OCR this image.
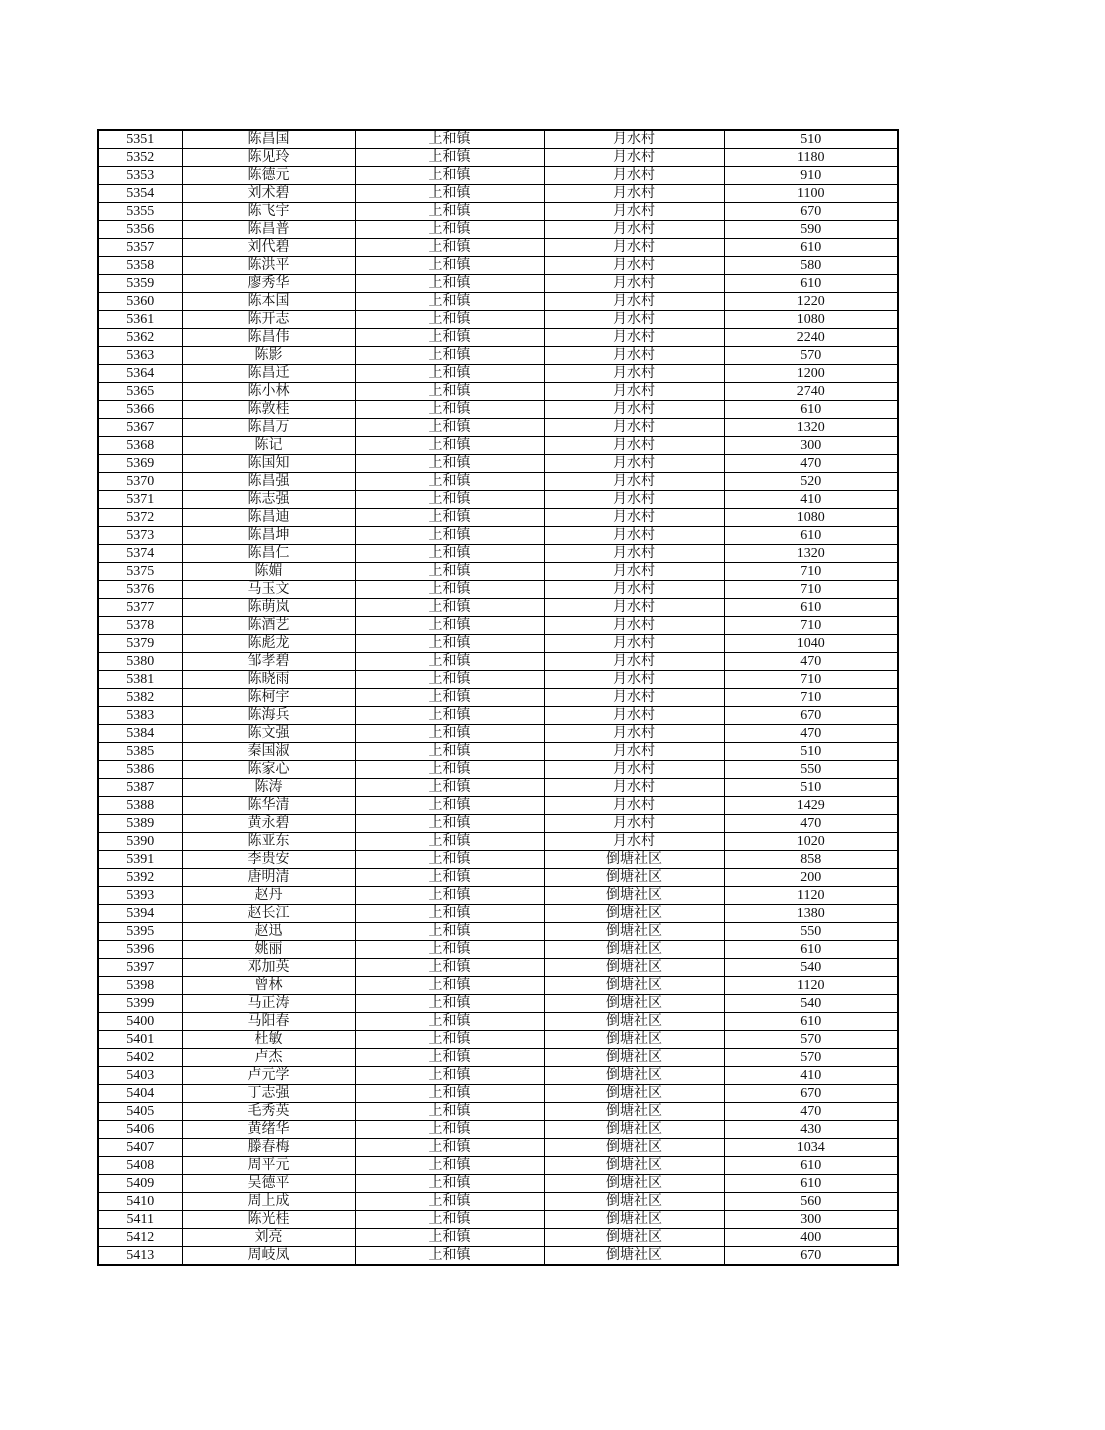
5351	陈昌国	上和镇	月水村	510
5352	陈见玲	上和镇	月水村	1180
5353	陈德元	上和镇	月水村	910
5354	刘术碧	上和镇	月水村	1100
5355	陈飞宇	上和镇	月水村	670
5356	陈昌普	上和镇	月水村	590
5357	刘代碧	上和镇	月水村	610
5358	陈洪平	上和镇	月水村	580
5359	廖秀华	上和镇	月水村	610
5360	陈本国	上和镇	月水村	1220
5361	陈开志	上和镇	月水村	1080
5362	陈昌伟	上和镇	月水村	2240
5363	陈影	上和镇	月水村	570
5364	陈昌迁	上和镇	月水村	1200
5365	陈小林	上和镇	月水村	2740
5366	陈敦桂	上和镇	月水村	610
5367	陈昌万	上和镇	月水村	1320
5368	陈记	上和镇	月水村	300
5369	陈国知	上和镇	月水村	470
5370	陈昌强	上和镇	月水村	520
5371	陈志强	上和镇	月水村	410
5372	陈昌迪	上和镇	月水村	1080
5373	陈昌坤	上和镇	月水村	610
5374	陈昌仁	上和镇	月水村	1320
5375	陈媚	上和镇	月水村	710
5376	马玉文	上和镇	月水村	710
5377	陈萌岚	上和镇	月水村	610
5378	陈酒艺	上和镇	月水村	710
5379	陈彪龙	上和镇	月水村	1040
5380	邹孝碧	上和镇	月水村	470
5381	陈晓雨	上和镇	月水村	710
5382	陈柯宇	上和镇	月水村	710
5383	陈海兵	上和镇	月水村	670
5384	陈文强	上和镇	月水村	470
5385	秦国淑	上和镇	月水村	510
5386	陈家心	上和镇	月水村	550
5387	陈涛	上和镇	月水村	510
5388	陈华清	上和镇	月水村	1429
5389	黄永碧	上和镇	月水村	470
5390	陈亚东	上和镇	月水村	1020
5391	李贵安	上和镇	倒塘社区	858
5392	唐明清	上和镇	倒塘社区	200
5393	赵丹	上和镇	倒塘社区	1120
5394	赵长江	上和镇	倒塘社区	1380
5395	赵迅	上和镇	倒塘社区	550
5396	姚丽	上和镇	倒塘社区	610
5397	邓加英	上和镇	倒塘社区	540
5398	曾林	上和镇	倒塘社区	1120
5399	马正涛	上和镇	倒塘社区	540
5400	马阳春	上和镇	倒塘社区	610
5401	杜敏	上和镇	倒塘社区	570
5402	卢杰	上和镇	倒塘社区	570
5403	卢元学	上和镇	倒塘社区	410
5404	丁志强	上和镇	倒塘社区	670
5405	毛秀英	上和镇	倒塘社区	470
5406	黄绪华	上和镇	倒塘社区	430
5407	滕春梅	上和镇	倒塘社区	1034
5408	周平元	上和镇	倒塘社区	610
5409	吴德平	上和镇	倒塘社区	610
5410	周上成	上和镇	倒塘社区	560
5411	陈光桂	上和镇	倒塘社区	300
5412	刘亮	上和镇	倒塘社区	400
5413	周岐凤	上和镇	倒塘社区	670
